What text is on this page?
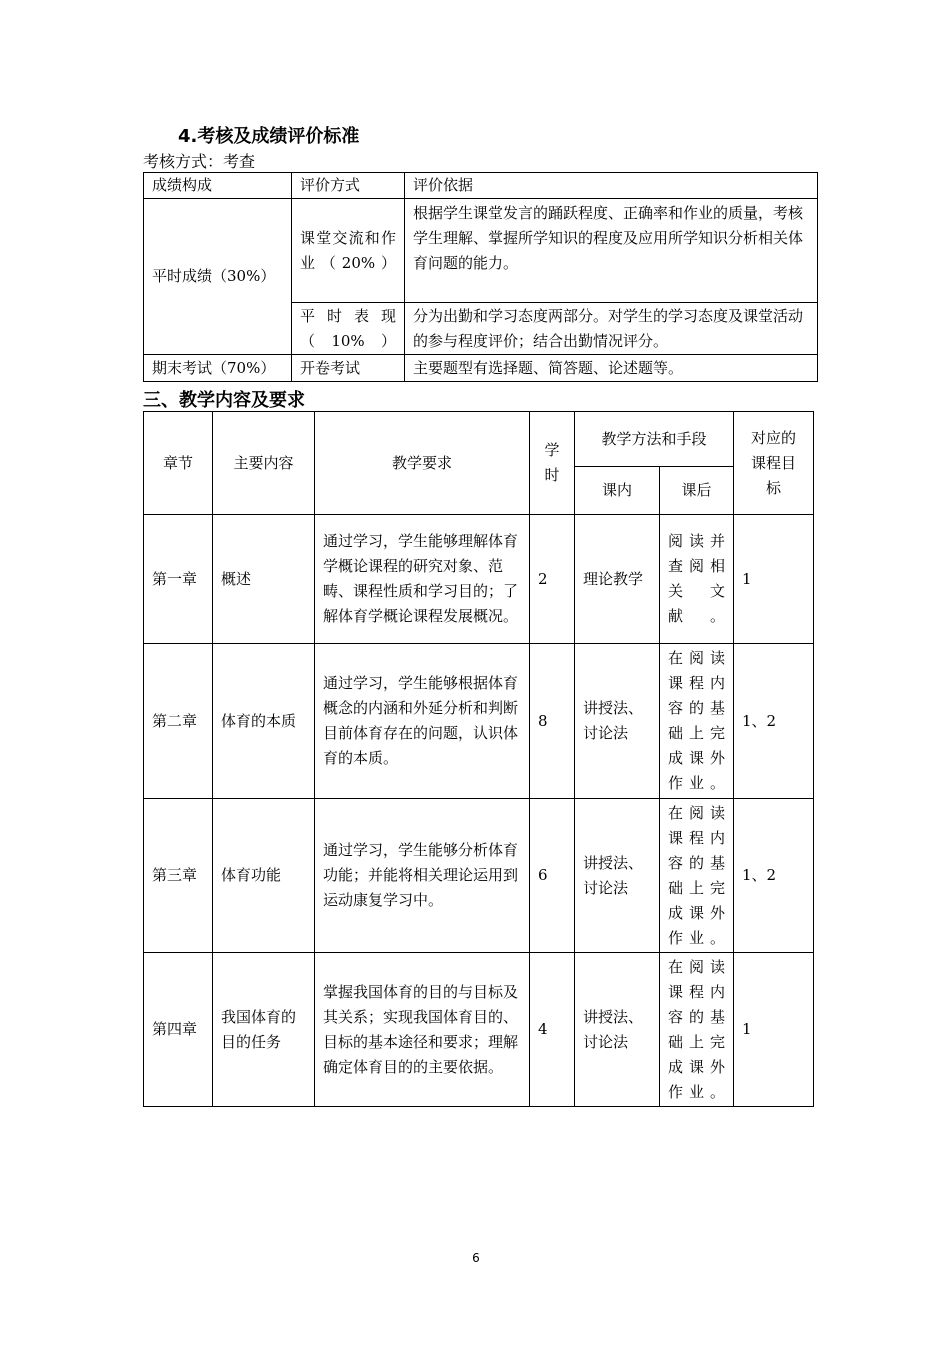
4.考核及成绩评价标准
考核方式：考查
成绩构成	评价方式	评价依据
平时成绩（30%）	课堂交流和作业（20%）	根据学生课堂发言的踊跃程度、正确率和作业的质量，考核学生理解、掌握所学知识的程度及应用所学知识分析相关体育问题的能力。
	平时表现（10%）	分为出勤和学习态度两部分。对学生的学习态度及课堂活动的参与程度评价；结合出勤情况评分。
期末考试（70%）	开卷考试	主要题型有选择题、简答题、论述题等。
三、教学内容及要求
章节	主要内容	教学要求	学时	教学方法和手段		对应的课程目标
				课内	课后	
第一章	概述	通过学习，学生能够理解体育学概论课程的研究对象、范畴、课程性质和学习目的；了解体育学概论课程发展概况。	2	理论教学	阅读并查阅相关文献。	1
第二章	体育的本质	通过学习，学生能够根据体育概念的内涵和外延分析和判断目前体育存在的问题，认识体育的本质。	8	讲授法、讨论法	在阅读课程内容的基础上完成课外作业。	1、2
第三章	体育功能	通过学习，学生能够分析体育功能；并能将相关理论运用到运动康复学习中。	6	讲授法、讨论法	在阅读课程内容的基础上完成课外作业。	1、2
第四章	我国体育的目的任务	掌握我国体育的目的与目标及其关系；实现我国体育目的、目标的基本途径和要求；理解确定体育目的的主要依据。	4	讲授法、讨论法	在阅读课程内容的基础上完成课外作业。	1
6
